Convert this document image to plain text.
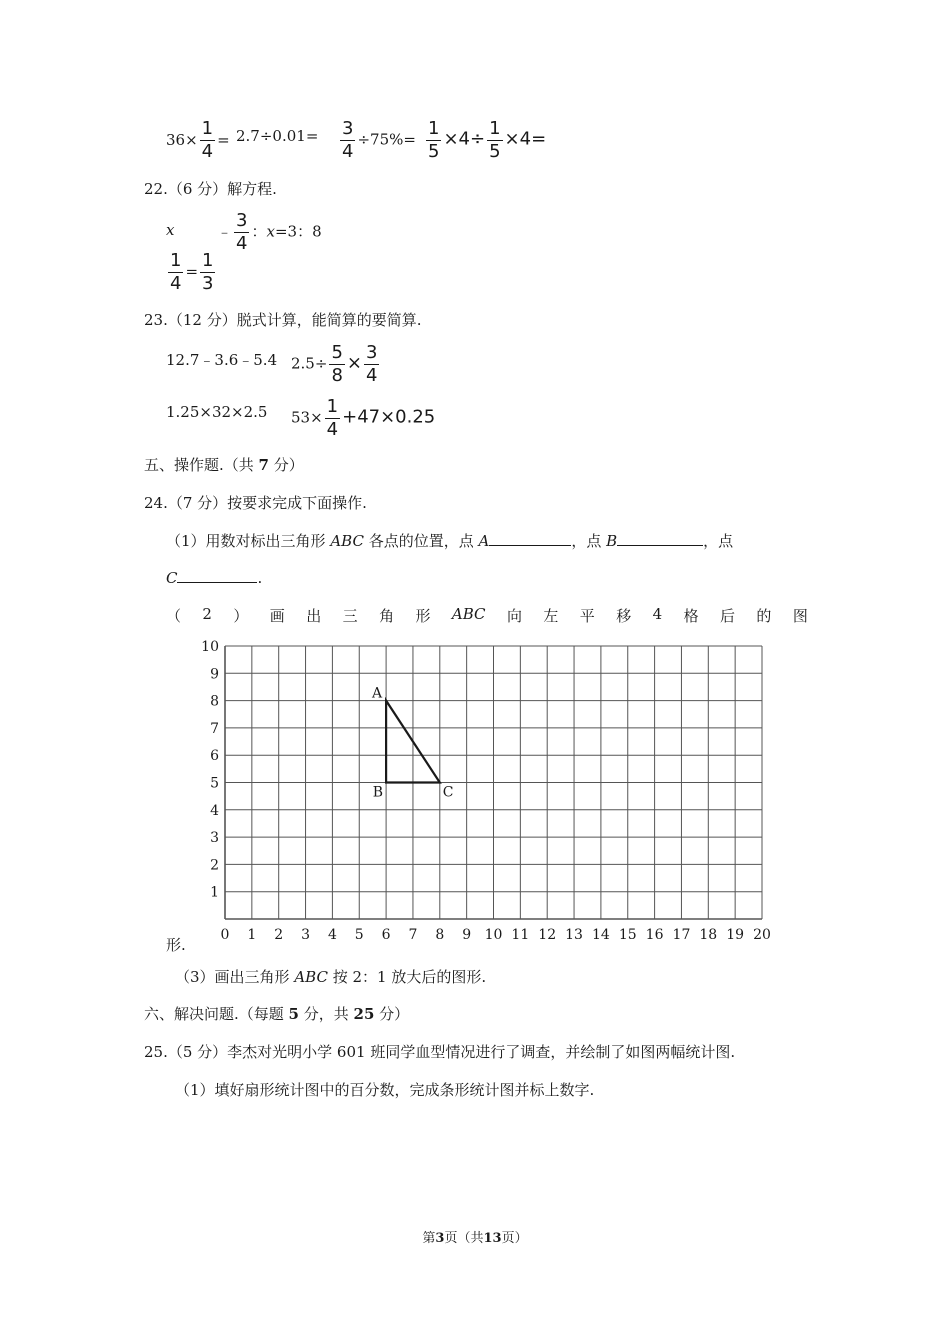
$36\times \frac{1}{4} = 2.7\div 0.01= \frac{3}{4} \div 75\%= \frac{1}{5} \times 4\div \frac{1}{5} \times 4=$
22.（6 分）解方程.
x	﹣ $\frac{3}{4}$ ：x=3：8
$\frac{1}{4} = \frac{1}{3}$
23.（12 分）脱式计算，能简算的要简算.
12.7﹣3.6﹣5.4 $2.5\div \frac{5}{8} \times \frac{3}{4}$
1.25×32×2.5 $53\times \frac{1}{4} +47\times 0.25$
五、操作题.（共 7 分）
24.（7 分）按要求完成下面操作.
（1）用数对标出三角形 ABC 各点的位置，点 A	，点 B	，点
C	.
（ 2 ） 画 出 三 角 形 ABC 向 左 平 移 4 格 后 的 图
0 1 2 3 4 5 6 7 8 9 10 11 12 13 14 15 16 17 18 19 20
1
2
3
4
5
6
7
8
9
10
A
B	C
形.
（3）画出三角形 ABC 按 2：1 放大后的图形.
六、解决问题.（每题 5 分，共 25 分）
25.（5 分）李杰对光明小学 601 班同学血型情况进行了调查，并绘制了如图两幅统计图.
（1）填好扇形统计图中的百分数，完成条形统计图并标上数字.
第3页（共13页）
